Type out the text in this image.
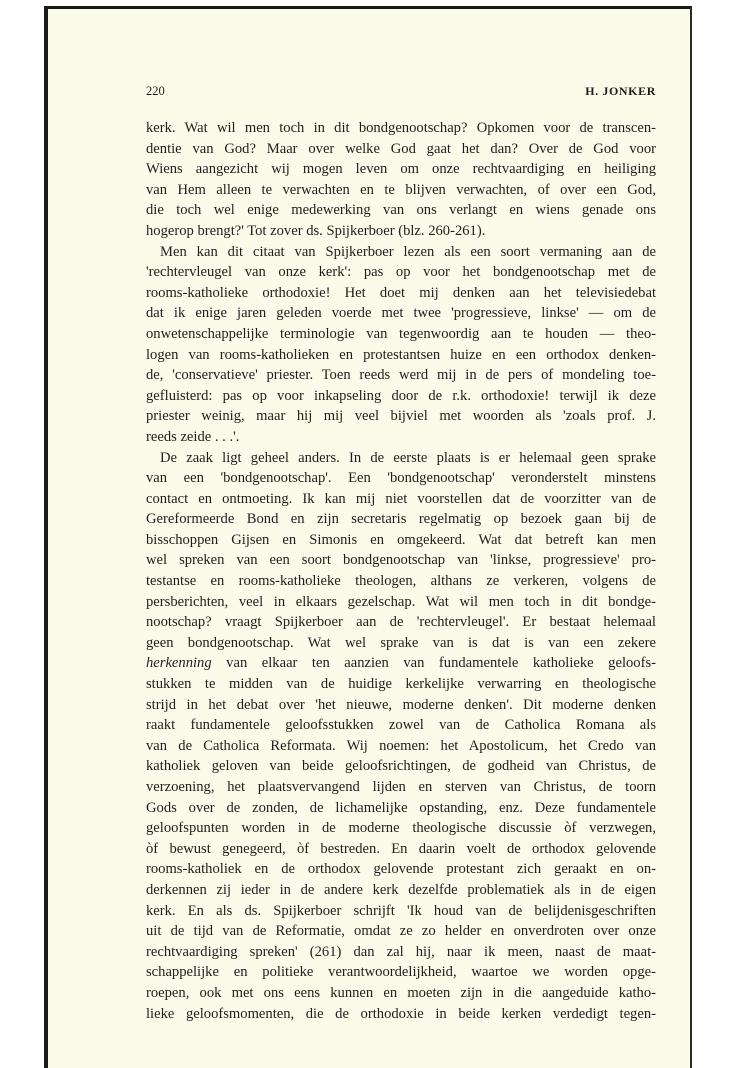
220	H. JONKER
kerk. Wat wil men toch in dit bondgenootschap? Opkomen voor de transcen-
dentie van God? Maar over welke God gaat het dan? Over de God voor
Wiens aangezicht wij mogen leven om onze rechtvaardiging en heiliging
van Hem alleen te verwachten en te blijven verwachten, of over een God,
die toch wel enige medewerking van ons verlangt en wiens genade ons
hogerop brengt?' Tot zover ds. Spijkerboer (blz. 260-261).
Men kan dit citaat van Spijkerboer lezen als een soort vermaning aan de
'rechtervleugel van onze kerk': pas op voor het bondgenootschap met de
rooms-katholieke orthodoxie! Het doet mij denken aan het televisiedebat
dat ik enige jaren geleden voerde met twee 'progressieve, linkse' — om de
onwetenschappelijke terminologie van tegenwoordig aan te houden — theo-
logen van rooms-katholieken en protestantsen huize en een orthodox denken-
de, 'conservatieve' priester. Toen reeds werd mij in de pers of mondeling toe-
gefluisterd: pas op voor inkapseling door de r.k. orthodoxie! terwijl ik deze
priester weinig, maar hij mij veel bijviel met woorden als 'zoals prof. J.
reeds zeide . . .'.
De zaak ligt geheel anders. In de eerste plaats is er helemaal geen sprake
van een 'bondgenootschap'. Een 'bondgenootschap' veronderstelt minstens
contact en ontmoeting. Ik kan mij niet voorstellen dat de voorzitter van de
Gereformeerde Bond en zijn secretaris regelmatig op bezoek gaan bij de
bisschoppen Gijsen en Simonis en omgekeerd. Wat dat betreft kan men
wel spreken van een soort bondgenootschap van 'linkse, progressieve' pro-
testantse en rooms-katholieke theologen, althans ze verkeren, volgens de
persberichten, veel in elkaars gezelschap. Wat wil men toch in dit bondge-
nootschap? vraagt Spijkerboer aan de 'rechtervleugel'. Er bestaat helemaal
geen bondgenootschap. Wat wel sprake van is dat is van een zekere
herkenning van elkaar ten aanzien van fundamentele katholieke geloofs-
stukken te midden van de huidige kerkelijke verwarring en theologische
strijd in het debat over 'het nieuwe, moderne denken'. Dit moderne denken
raakt fundamentele geloofsstukken zowel van de Catholica Romana als
van de Catholica Reformata. Wij noemen: het Apostolicum, het Credo van
katholiek geloven van beide geloofsrichtingen, de godheid van Christus, de
verzoening, het plaatsvervangend lijden en sterven van Christus, de toorn
Gods over de zonden, de lichamelijke opstanding, enz. Deze fundamentele
geloofspunten worden in de moderne theologische discussie òf verzwegen,
òf bewust genegeerd, òf bestreden. En daarin voelt de orthodox gelovende
rooms-katholiek en de orthodox gelovende protestant zich geraakt en on-
derkennen zij ieder in de andere kerk dezelfde problematiek als in de eigen
kerk. En als ds. Spijkerboer schrijft 'Ik houd van de belijdenisgeschriften
uit de tijd van de Reformatie, omdat ze zo helder en onverdroten over onze
rechtvaardiging spreken' (261) dan zal hij, naar ik meen, naast de maat-
schappelijke en politieke verantwoordelijkheid, waartoe we worden opge-
roepen, ook met ons eens kunnen en moeten zijn in die aangeduide katho-
lieke geloofsmomenten, die de orthodoxie in beide kerken verdedigt tegen-
